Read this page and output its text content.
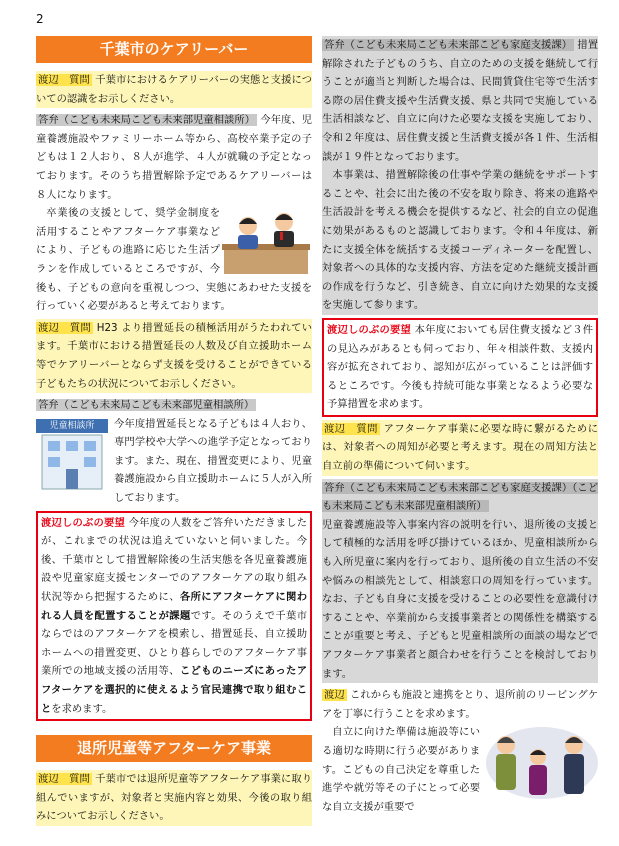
2
千葉市のケアリーバー

渡辺　質問 千葉市におけるケアリーバーの実態と支援についての認識をお示しください。

答弁（こども未来局こども未来部児童相談所） 今年度、児童養護施設やファミリーホーム等から、高校卒業予定の子どもは１２人おり、８人が進学、４人が就職の予定となっております。そのうち措置解除予定であるケアリーバーは８人になります。

卒業後の支援として、奨学金制度を活用することやアフターケア事業などにより、子どもの進路に応じた生活プランを作成しているところですが、今後も、子どもの意向を重視しつつ、実態にあわせた支援を行っていく必要があると考えております。

渡辺　質問 H23 より措置延長の積極活用がうたわれています。千葉市における措置延長の人数及び自立援助ホーム等でケアリーバーとならず支援を受けることができている子どもたちの状況についてお示しください。

答弁（こども未来局こども未来部児童相談所）

児童相談所	今年度措置延長となる子どもは４人おり、専門学校や大学への進学予定となっております。また、現在、措置変更により、児童養護施設から自立援助ホームに５人が入所しております。

渡辺しのぶの要望 今年度の人数をご答弁いただきましたが、これまでの状況は追えていないと伺いました。今後、千葉市として措置解除後の生活実態を各児童養護施設や児童家庭支援センターでのアフターケアの取り組み状況等から把握するために、各所にアフターケアに関われる人員を配置することが課題です。そのうえで千葉市ならではのアフターケアを模索し、措置延長、自立援助ホームへの措置変更、ひとり暮らしでのアフターケア事業所での地域支援の活用等、こどものニーズにあったアフターケアを選択的に使えるよう官民連携で取り組むことを求めます。

退所児童等アフターケア事業

渡辺　質問 千葉市では退所児童等アフターケア事業に取り組んでいますが、対象者と実施内容と効果、今後の取り組みについてお示しください。

答弁（こども未来局こども未来部こども家庭支援課） 措置解除された子どものうち、自立のための支援を継続して行うことが適当と判断した場合は、民間賃貸住宅等で生活する際の居住費支援や生活費支援、県と共同で実施している生活相談など、自立に向けた必要な支援を実施しており、令和２年度は、居住費支援と生活費支援が各１件、生活相談が１９件となっております。

本事業は、措置解除後の仕事や学業の継続をサポートすることや、社会に出た後の不安を取り除き、将来の進路や生活設計を考える機会を提供するなど、社会的自立の促進に効果があるものと認識しております。令和４年度は、新たに支援全体を統括する支援コーディネーターを配置し、対象者への具体的な支援内容、方法を定めた継続支援計画の作成を行うなど、引き続き、自立に向けた効果的な支援を実施して参ります。

渡辺しのぶの要望 本年度においても居住費支援など３件の見込みがあるとも伺っており、年々相談件数、支援内容が拡充されており、認知が広がっていることは評価するところです。今後も持続可能な事業となるよう必要な予算措置を求めます。

渡辺　質問 アフターケア事業に必要な時に繋がるためには、対象者への周知が必要と考えます。現在の周知方法と自立前の準備について伺います。

答弁（こども未来局こども未来部こども家庭支援課）（こども未来局こども未来部児童相談所）

児童養護施設等入事案内容の説明を行い、退所後の支援として積極的な活用を呼び掛けているほか、児童相談所からも入所児童に案内を行っており、退所後の自立生活の不安や悩みの相談先として、相談窓口の周知を行っています。なお、子ども自身に支援を受けることの必要性を意識付けすることや、卒業前から支援事業者との関係性を構築することが重要と考え、子どもと児童相談所の面談の場などでアフターケア事業者と顔合わせを行うことを検討しております。

渡辺 これからも施設と連携をとり、退所前のリービングケアを丁寧に行うことを求めます。

自立に向けた準備は施設等にいる適切な時期に行う必要があります。こどもの自己決定を尊重した進学や就労等その子にとって必要な自立支援が重要で
